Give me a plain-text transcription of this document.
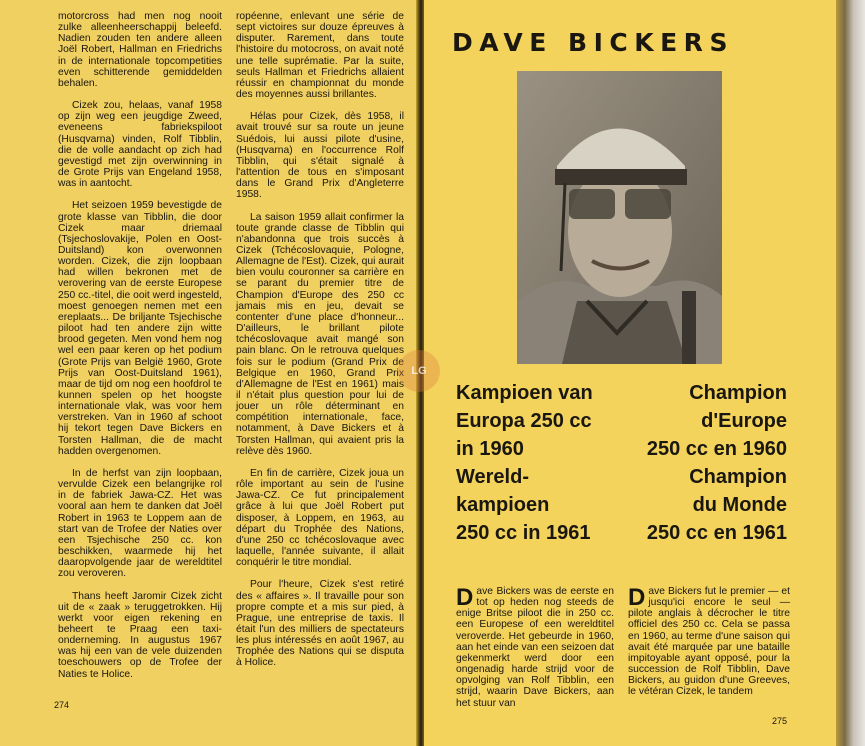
motorcross had men nog nooit zulke alleenheerschappij beleefd. Nadien zouden ten andere alleen Joël Robert, Hallman en Friedrichs in de internationale topcompetities even schitterende gemiddelden behalen.

Cizek zou, helaas, vanaf 1958 op zijn weg een jeugdige Zweed, eveneens fabriekspiloot (Husqvarna) vinden, Rolf Tibblin, die de volle aandacht op zich had gevestigd met zijn overwinning in de Grote Prijs van Engeland 1958, was in aantocht.

Het seizoen 1959 bevestigde de grote klasse van Tibblin, die door Cizek maar driemaal (Tsjechoslovakije, Polen en Oost-Duitsland) kon overwonnen worden. Cizek, die zijn loopbaan had willen bekronen met de verovering van de eerste Europese 250 cc.-titel, die ooit werd ingesteld, moest genoegen nemen met een ereplaats... De briljante Tsjechische piloot had ten andere zijn witte brood gegeten. Men vond hem nog wel een paar keren op het podium (Grote Prijs van België 1960, Grote Prijs van Oost-Duitsland 1961), maar de tijd om nog een hoofdrol te kunnen spelen op het hoogste internationale vlak, was voor hem verstreken. Van in 1960 af schoot hij tekort tegen Dave Bickers en Torsten Hallman, die de macht hadden overgenomen.

In de herfst van zijn loopbaan, vervulde Cizek een belangrijke rol in de fabriek Jawa-CZ. Het was vooral aan hem te danken dat Joël Robert in 1963 te Loppem aan de start van de Trofee der Naties over een Tsjechische 250 cc. kon beschikken, waarmede hij het daaropvolgende jaar de wereldtitel zou veroveren.

Thans heeft Jaromir Cizek zicht uit de « zaak » teruggetrokken. Hij werkt voor eigen rekening en beheert te Praag een taxi-onderneming. In augustus 1967 was hij een van de vele duizenden toeschouwers op de Trofee der Naties te Holice.

ropéenne, enlevant une série de sept victoires sur douze épreuves à disputer. Rarement, dans toute l'histoire du motocross, on avait noté une telle suprématie. Par la suite, seuls Hallman et Friedrichs allaient réussir en championnat du monde des moyennes aussi brillantes.

Hélas pour Cizek, dès 1958, il avait trouvé sur sa route un jeune Suédois, lui aussi pilote d'usine, (Husqvarna) en l'occurrence Rolf Tibblin, qui s'était signalé à l'attention de tous en s'imposant dans le Grand Prix d'Angleterre 1958.

La saison 1959 allait confirmer la toute grande classe de Tibblin qui n'abandonna que trois succès à Cizek (Tchécoslovaquie, Pologne, Allemagne de l'Est). Cizek, qui aurait bien voulu couronner sa carrière en se parant du premier titre de Champion d'Europe des 250 cc jamais mis en jeu, devait se contenter d'une place d'honneur... D'ailleurs, le brillant pilote tchécoslovaque avait mangé son pain blanc. On le retrouva quelques fois sur le podium (Grand Prix de Belgique en 1960, Grand Prix d'Allemagne de l'Est en 1961) mais il n'était plus question pour lui de jouer un rôle déterminant en compétition internationale, face, notamment, à Dave Bickers et à Torsten Hallman, qui avaient pris la relève dès 1960.

En fin de carrière, Cizek joua un rôle important au sein de l'usine Jawa-CZ. Ce fut principalement grâce à lui que Joël Robert put disposer, à Loppem, en 1963, au départ du Trophée des Nations, d'une 250 cc tchécoslovaque avec laquelle, l'année suivante, il allait conquérir le titre mondial.

Pour l'heure, Cizek s'est retiré des « affaires ». Il travaille pour son propre compte et a mis sur pied, à Prague, une entreprise de taxis. Il était l'un des milliers de spectateurs les plus intéressés en août 1967, au Trophée des Nations qui se disputa à Holice.

274
275
DAVE BICKERS
LG
Kampioen van
Europa 250 cc
in 1960
Wereld-
kampioen
250 cc in 1961
Champion
d'Europe
250 cc en 1960
Champion
du Monde
250 cc en 1961
Dave Bickers was de eerste en tot op heden nog steeds de enige Britse piloot die in 250 cc. een Europese of een wereldtitel veroverde. Het gebeurde in 1960, aan het einde van een seizoen dat gekenmerkt werd door een ongenadig harde strijd voor de opvolging van Rolf Tibblin, een strijd, waarin Dave Bickers, aan het stuur van
Dave Bickers fut le premier — et jusqu'ici encore le seul — pilote anglais à décrocher le titre officiel des 250 cc. Cela se passa en 1960, au terme d'une saison qui avait été marquée par une bataille impitoyable ayant opposé, pour la succession de Rolf Tibblin, Dave Bickers, au guidon d'une Greeves, le vétéran Cizek, le tandem
